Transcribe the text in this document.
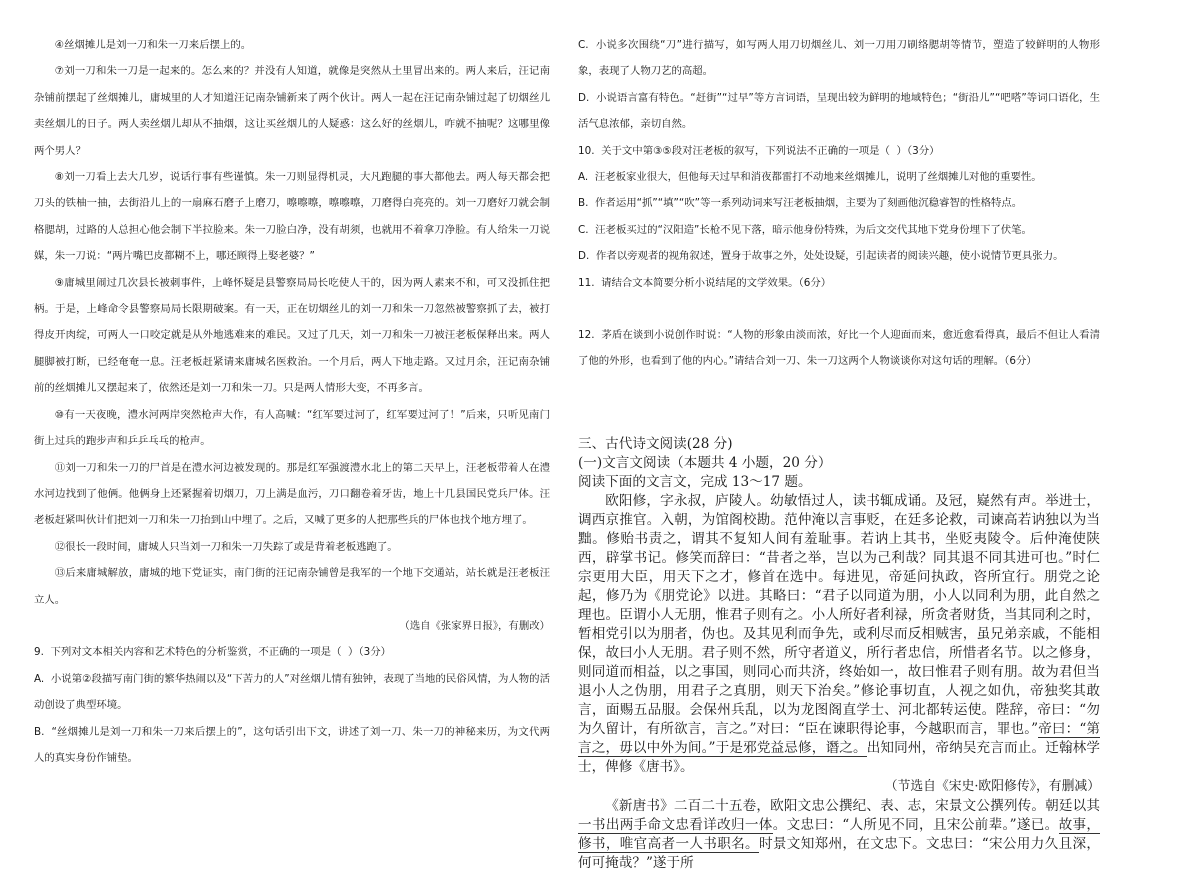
④丝烟摊儿是刘一刀和朱一刀来后摆上的。

⑦刘一刀和朱一刀是一起来的。怎么来的？并没有人知道，就像是突然从土里冒出来的。两人来后，汪记南杂铺前摆起了丝烟摊儿，庸城里的人才知道汪记南杂铺新来了两个伙计。两人一起在汪记南杂铺过起了切烟丝儿卖丝烟儿的日子。两人卖丝烟儿却从不抽烟，这让买丝烟儿的人疑惑：这么好的丝烟儿，咋就不抽呢？这哪里像两个男人？

⑧刘一刀看上去大几岁，说话行事有些谨慎。朱一刀则显得机灵，大凡跑腿的事大都他去。两人每天都会把刀头的铁柚一抽，去街沿儿上的一扇麻石磨子上磨刀，嚓嚓嚓，嚓嚓嚓，刀磨得白亮亮的。刘一刀磨好刀就会制格腮胡，过路的人总担心他会制下半拉脸来。朱一刀脸白净，没有胡须，也就用不着拿刀净脸。有人给朱一刀说媒，朱一刀说：“两片嘴巴皮都糊不上，哪还顾得上娶老婆？”

⑨庸城里闹过几次县长被刺事件，上峰怀疑是县警察局局长吃使人干的，因为两人素来不和，可又没抓住把柄。于是，上峰命令县警察局局长限期破案。有一天，正在切烟丝儿的刘一刀和朱一刀忽然被警察抓了去，被打得皮开肉绽，可两人一口咬定就是从外地逃难来的难民。又过了几天，刘一刀和朱一刀被汪老板保释出来。两人腿脚被打断，已经奄奄一息。汪老板赶紧请来庸城名医救治。一个月后，两人下地走路。又过月余，汪记南杂铺前的丝烟摊儿又摆起来了，依然还是刘一刀和朱一刀。只是两人情形大变，不再多言。

⑩有一天夜晚，澧水河两岸突然枪声大作，有人高喊：“红军要过河了，红军要过河了！”后来，只听见南门街上过兵的跑步声和乒乒乓乓的枪声。

⑪刘一刀和朱一刀的尸首是在澧水河边被发现的。那是红军强渡澧水北上的第二天早上，汪老板带着人在澧水河边找到了他俩。他俩身上还紧握着切烟刀，刀上满是血污，刀口翻卷着牙齿，地上十几县国民党兵尸体。汪老板赶紧叫伙计们把刘一刀和朱一刀抬到山中埋了。之后，又喊了更多的人把那些兵的尸体也找个地方埋了。

⑫很长一段时间，庸城人只当刘一刀和朱一刀失踪了或是背着老板逃跑了。

⑬后来庸城解放，庸城的地下党证实，南门街的汪记南杂铺曾是我军的一个地下交通站，站长就是汪老板汪立人。

（选自《张家界日报》，有删改）

9.  下列对文本相关内容和艺术特色的分析鉴赏，不正确的一项是（  ）（3分）

A.  小说第②段描写南门街的繁华热闹以及“下苦力的人”对丝烟儿情有独钟，表现了当地的民俗风情，为人物的活动创设了典型环境。

B.  “丝烟摊儿是刘一刀和朱一刀来后摆上的”，这句话引出下文，讲述了刘一刀、朱一刀的神秘来历，为文代两人的真实身份作铺垫。

C.  小说多次围绕“刀”进行描写，如写两人用刀切烟丝儿、刘一刀用刀刷络腮胡等情节，塑造了较鲜明的人物形象，表现了人物刀艺的高超。

D.  小说语言富有特色。“赶街”“过早”等方言词语，呈现出较为鲜明的地域特色；“街沿儿”“吧嗒”等词口语化，生活气息浓郁，亲切自然。

10.  关于文中第③⑤段对汪老板的叙写，下列说法不正确的一项是（  ）（3分）

A.  汪老板家业很大，但他每天过早和消夜都雷打不动地来丝烟摊儿，说明了丝烟摊儿对他的重要性。

B.  作者运用“抓”“填”“吹”等一系列动词来写汪老板抽烟，主要为了刻画他沉稳睿智的性格特点。

C.  汪老板买过的“汉阳造”长枪不见下落，暗示他身份特殊，为后文交代其地下党身份埋下了伏笔。

D.  作者以旁观者的视角叙述，置身于故事之外，处处设疑，引起读者的阅读兴趣，使小说情节更具张力。

11.  请结合文本简要分析小说结尾的文学效果。（6分）

12.  茅盾在谈到小说创作时说：“人物的形象由淡而浓，好比一个人迎面而来，愈近愈看得真，最后不但让人看清了他的外形，也看到了他的内心。”请结合刘一刀、朱一刀这两个人物谈谈你对这句话的理解。（6分）

三、古代诗文阅读(28 分)

(一)文言文阅读（本题共 4 小题，20 分）

阅读下面的文言文，完成 13～17 题。

欧阳修，字永叔，庐陵人。幼敏悟过人，读书辄成诵。及冠，嶷然有声。举进士，调西京推官。入朝，为馆阁校勘。范仲淹以言事贬，在廷多论救，司谏高若讷独以为当黜。修贻书责之，谓其不复知人间有羞耻事。若讷上其书，坐贬夷陵令。后仲淹使陕西，辟掌书记。修笑而辞曰：“昔者之举，岂以为己利哉？同其退不同其进可也。”时仁宗更用大臣，用天下之才，修首在选中。每进见，帝延问执政，咨所宜行。朋党之论起，修乃为《朋党论》以进。其略曰：“君子以同道为朋，小人以同利为朋，此自然之理也。臣谓小人无朋，惟君子则有之。小人所好者利禄，所贪者财货，当其同利之时，暂相党引以为朋者，伪也。及其见利而争先，或利尽而反相贼害，虽兄弟亲戚，不能相保，故曰小人无朋。君子则不然，所守者道义，所行者忠信，所惜者名节。以之修身，则同道而相益，以之事国，则同心而共济，终始如一，故曰惟君子则有朋。故为君但当退小人之伪朋，用君子之真朋，则天下治矣。”修论事切直，人视之如仇，帝独奖其敢言，面赐五品服。会保州兵乱，以为龙图阁直学士、河北都转运使。陛辞，帝曰：“勿为久留计，有所欲言，言之。”对曰：“臣在谏职得论事，今越职而言，罪也。”帝曰：“第言之，毋以中外为间。”于是邪党益忌修，谮之。出知同州，帝纳吴充言而止。迁翰林学士，俾修《唐书》。

（节选自《宋史·欧阳修传》，有删减）

《新唐书》二百二十五卷，欧阳文忠公撰纪、表、志，宋景文公撰列传。朝廷以其一书出两手命文忠看详改归一体。文忠曰：“人所见不同，且宋公前辈。”遂已。故事，修书，唯官高者一人书职名。时景文知郑州，在文忠下。文忠曰：“宋公用力久且深，何可掩哉？”遂于所
